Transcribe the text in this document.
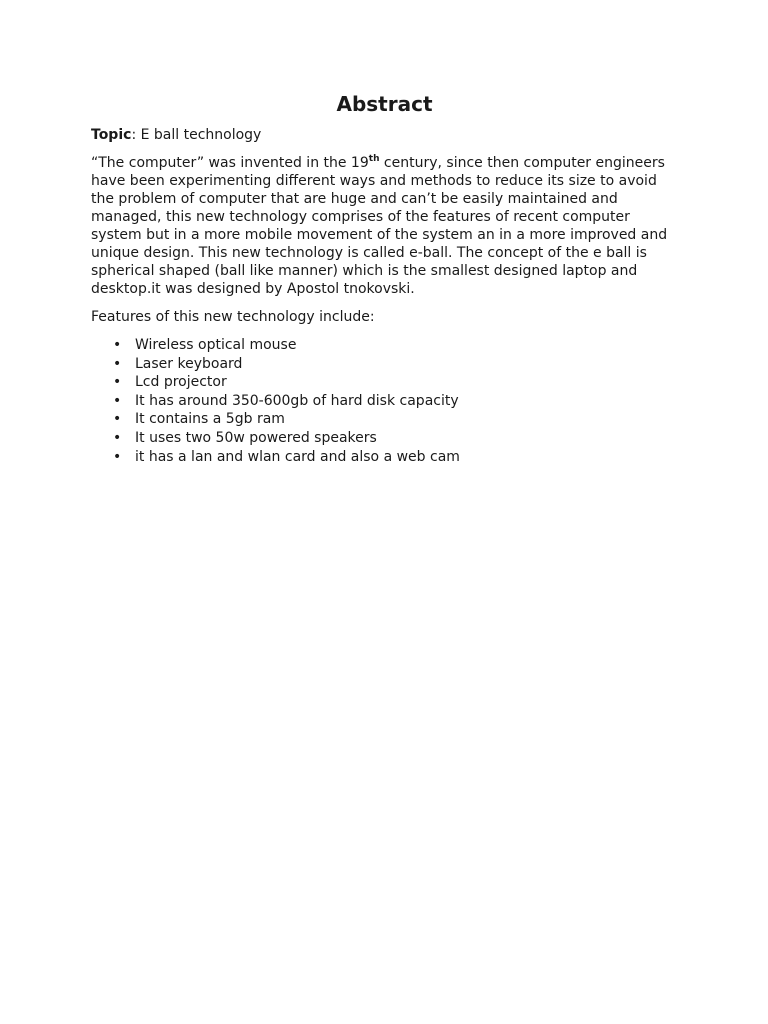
Abstract

Topic: E ball technology

“The computer” was invented in the 19th century, since then computer engineers have been experimenting different ways and methods to reduce its size to avoid the problem of computer that are huge and can’t be easily maintained and managed, this new technology comprises of the features of recent computer system but in a more mobile movement of the system an in a more improved and unique design. This new technology is called e-ball. The concept of the e ball is spherical shaped (ball like manner) which is the smallest designed laptop and desktop.it was designed by Apostol tnokovski.

Features of this new technology include:

• Wireless optical mouse
• Laser keyboard
• Lcd projector
• It has around 350-600gb of hard disk capacity
• It contains a 5gb ram
• It uses two 50w powered speakers
• it has a lan and wlan card and also a web cam
